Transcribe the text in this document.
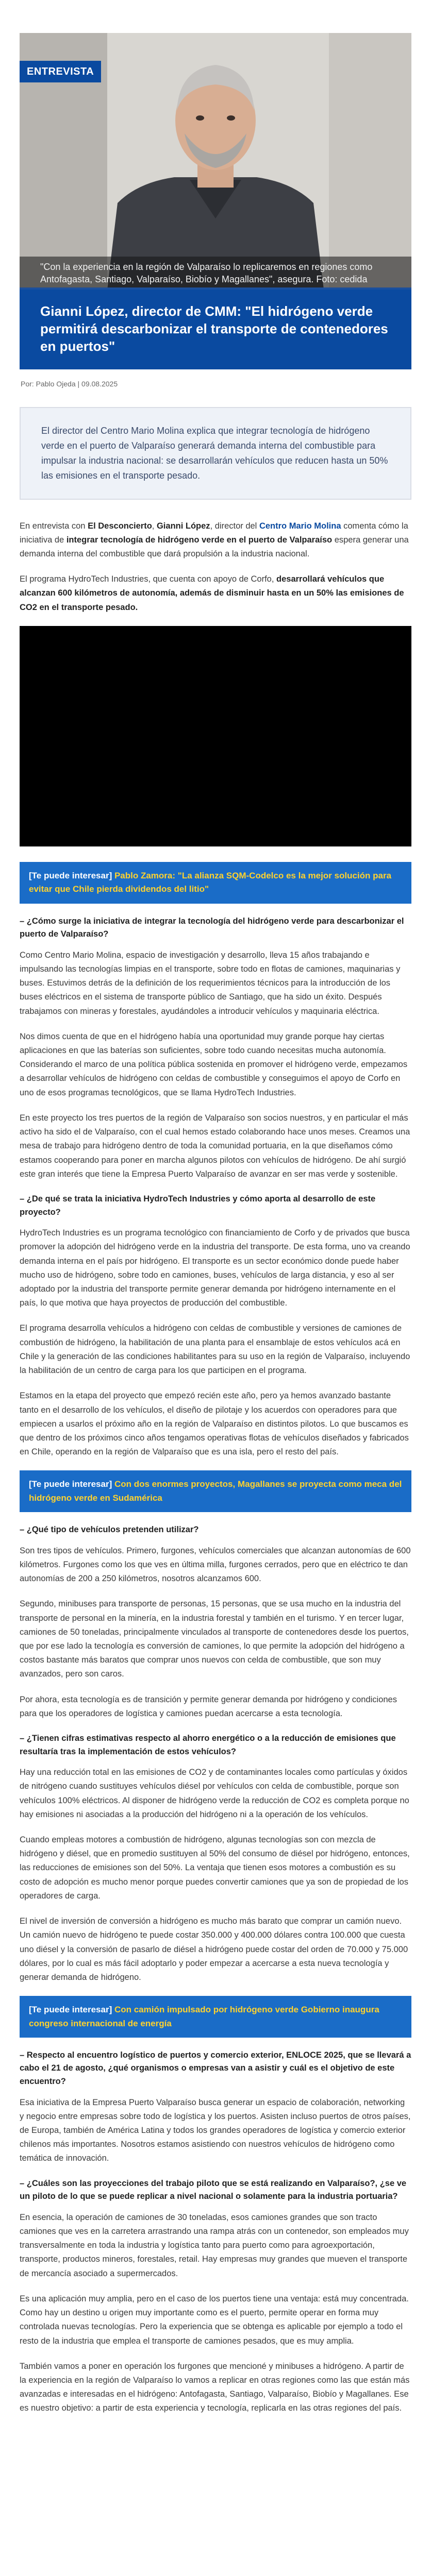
ENTREVISTA
"Con la experiencia en la región de Valparaíso lo replicaremos en regiones como Antofagasta, Santiago, Valparaíso, Biobío y Magallanes", asegura. Foto: cedida
Gianni López, director de CMM: "El hidrógeno verde permitirá descarbonizar el transporte de contenedores en puertos"
Por: Pablo Ojeda | 09.08.2025
El director del Centro Mario Molina explica que integrar tecnología de hidrógeno verde en el puerto de Valparaíso generará demanda interna del combustible para impulsar la industria nacional: se desarrollarán vehículos que reducen hasta un 50% las emisiones en el transporte pesado.

En entrevista con El Desconcierto, Gianni López, director del Centro Mario Molina comenta cómo la iniciativa de integrar tecnología de hidrógeno verde en el puerto de Valparaíso espera generar una demanda interna del combustible que dará propulsión a la industria nacional.

El programa HydroTech Industries, que cuenta con apoyo de Corfo, desarrollará vehículos que alcanzan 600 kilómetros de autonomía, además de disminuir hasta en un 50% las emisiones de CO2 en el transporte pesado.

[Te puede interesar] Pablo Zamora: "La alianza SQM-Codelco es la mejor solución para evitar que Chile pierda dividendos del litio"
– ¿Cómo surge la iniciativa de integrar la tecnología del hidrógeno verde para descarbonizar el puerto de Valparaíso?

Como Centro Mario Molina, espacio de investigación y desarrollo, lleva 15 años trabajando e impulsando las tecnologías limpias en el transporte, sobre todo en flotas de camiones, maquinarias y buses. Estuvimos detrás de la definición de los requerimientos técnicos para la introducción de los buses eléctricos en el sistema de transporte público de Santiago, que ha sido un éxito. Después trabajamos con mineras y forestales, ayudándoles a introducir vehículos y maquinaria eléctrica.

Nos dimos cuenta de que en el hidrógeno había una oportunidad muy grande porque hay ciertas aplicaciones en que las baterías son suficientes, sobre todo cuando necesitas mucha autonomía. Considerando el marco de una política pública sostenida en promover el hidrógeno verde, empezamos a desarrollar vehículos de hidrógeno con celdas de combustible y conseguimos el apoyo de Corfo en uno de esos programas tecnológicos, que se llama HydroTech Industries.

En este proyecto los tres puertos de la región de Valparaíso son socios nuestros, y en particular el más activo ha sido el de Valparaíso, con el cual hemos estado colaborando hace unos meses. Creamos una mesa de trabajo para hidrógeno dentro de toda la comunidad portuaria, en la que diseñamos cómo estamos cooperando para poner en marcha algunos pilotos con vehículos de hidrógeno. De ahí surgió este gran interés que tiene la Empresa Puerto Valparaíso de avanzar en ser mas verde y sostenible.

– ¿De qué se trata la iniciativa HydroTech Industries y cómo aporta al desarrollo de este proyecto?

HydroTech Industries es un programa tecnológico con financiamiento de Corfo y de privados que busca promover la adopción del hidrógeno verde en la industria del transporte. De esta forma, uno va creando demanda interna en el país por hidrógeno. El transporte es un sector económico donde puede haber mucho uso de hidrógeno, sobre todo en camiones, buses, vehículos de larga distancia, y eso al ser adoptado por la industria del transporte permite generar demanda por hidrógeno internamente en el país, lo que motiva que haya proyectos de producción del combustible.

El programa desarrolla vehículos a hidrógeno con celdas de combustible y versiones de camiones de combustión de hidrógeno, la habilitación de una planta para el ensamblaje de estos vehículos acá en Chile y la generación de las condiciones habilitantes para su uso en la región de Valparaíso, incluyendo la habilitación de un centro de carga para los que participen en el programa.

Estamos en la etapa del proyecto que empezó recién este año, pero ya hemos avanzado bastante tanto en el desarrollo de los vehículos, el diseño de pilotaje y los acuerdos con operadores para que empiecen a usarlos el próximo año en la región de Valparaíso en distintos pilotos. Lo que buscamos es que dentro de los próximos cinco años tengamos operativas flotas de vehículos diseñados y fabricados en Chile, operando en la región de Valparaíso que es una isla, pero el resto del país.

[Te puede interesar] Con dos enormes proyectos, Magallanes se proyecta como meca del hidrógeno verde en Sudamérica
– ¿Qué tipo de vehículos pretenden utilizar?

Son tres tipos de vehículos. Primero, furgones, vehículos comerciales que alcanzan autonomías de 600 kilómetros. Furgones como los que ves en última milla, furgones cerrados, pero que en eléctrico te dan autonomías de 200 a 250 kilómetros, nosotros alcanzamos 600.

Segundo, minibuses para transporte de personas, 15 personas, que se usa mucho en la industria del transporte de personal en la minería, en la industria forestal y también en el turismo. Y en tercer lugar, camiones de 50 toneladas, principalmente vinculados al transporte de contenedores desde los puertos, que por ese lado la tecnología es conversión de camiones, lo que permite la adopción del hidrógeno a costos bastante más baratos que comprar unos nuevos con celda de combustible, que son muy avanzados, pero son caros.

Por ahora, esta tecnología es de transición y permite generar demanda por hidrógeno y condiciones para que los operadores de logística y camiones puedan acercarse a esta tecnología.

– ¿Tienen cifras estimativas respecto al ahorro energético o a la reducción de emisiones que resultaría tras la implementación de estos vehículos?

Hay una reducción total en las emisiones de CO2 y de contaminantes locales como partículas y óxidos de nitrógeno cuando sustituyes vehículos diésel por vehículos con celda de combustible, porque son vehículos 100% eléctricos. Al disponer de hidrógeno verde la reducción de CO2 es completa porque no hay emisiones ni asociadas a la producción del hidrógeno ni a la operación de los vehículos.

Cuando empleas motores a combustión de hidrógeno, algunas tecnologías son con mezcla de hidrógeno y diésel, que en promedio sustituyen al 50% del consumo de diésel por hidrógeno, entonces, las reducciones de emisiones son del 50%. La ventaja que tienen esos motores a combustión es su costo de adopción es mucho menor porque puedes convertir camiones que ya son de propiedad de los operadores de carga.

El nivel de inversión de conversión a hidrógeno es mucho más barato que comprar un camión nuevo. Un camión nuevo de hidrógeno te puede costar 350.000 y 400.000 dólares contra 100.000 que cuesta uno diésel y la conversión de pasarlo de diésel a hidrógeno puede costar del orden de 70.000 y 75.000 dólares, por lo cual es más fácil adoptarlo y poder empezar a acercarse a esta nueva tecnología y generar demanda de hidrógeno.

[Te puede interesar] Con camión impulsado por hidrógeno verde Gobierno inaugura congreso internacional de energía
– Respecto al encuentro logístico de puertos y comercio exterior, ENLOCE 2025, que se llevará a cabo el 21 de agosto, ¿qué organismos o empresas van a asistir y cuál es el objetivo de este encuentro?

Esa iniciativa de la Empresa Puerto Valparaíso busca generar un espacio de colaboración, networking y negocio entre empresas sobre todo de logística y los puertos. Asisten incluso puertos de otros países, de Europa, también de América Latina y todos los grandes operadores de logística y comercio exterior chilenos más importantes. Nosotros estamos asistiendo con nuestros vehículos de hidrógeno como temática de innovación.

– ¿Cuáles son las proyecciones del trabajo piloto que se está realizando en Valparaíso?, ¿se ve un piloto de lo que se puede replicar a nivel nacional o solamente para la industria portuaria?

En esencia, la operación de camiones de 30 toneladas, esos camiones grandes que son tracto camiones que ves en la carretera arrastrando una rampa atrás con un contenedor, son empleados muy transversalmente en toda la industria y logística tanto para puerto como para agroexportación, transporte, productos mineros, forestales, retail. Hay empresas muy grandes que mueven el transporte de mercancía asociado a supermercados.

Es una aplicación muy amplia, pero en el caso de los puertos tiene una ventaja: está muy concentrada. Como hay un destino u origen muy importante como es el puerto, permite operar en forma muy controlada nuevas tecnologías. Pero la experiencia que se obtenga es aplicable por ejemplo a todo el resto de la industria que emplea el transporte de camiones pesados, que es muy amplia.

También vamos a poner en operación los furgones que mencioné y minibuses a hidrógeno. A partir de la experiencia en la región de Valparaíso lo vamos a replicar en otras regiones como las que están más avanzadas e interesadas en el hidrógeno: Antofagasta, Santiago, Valparaíso, Biobío y Magallanes. Ese es nuestro objetivo: a partir de esta experiencia y tecnología, replicarla en las otras regiones del país.
